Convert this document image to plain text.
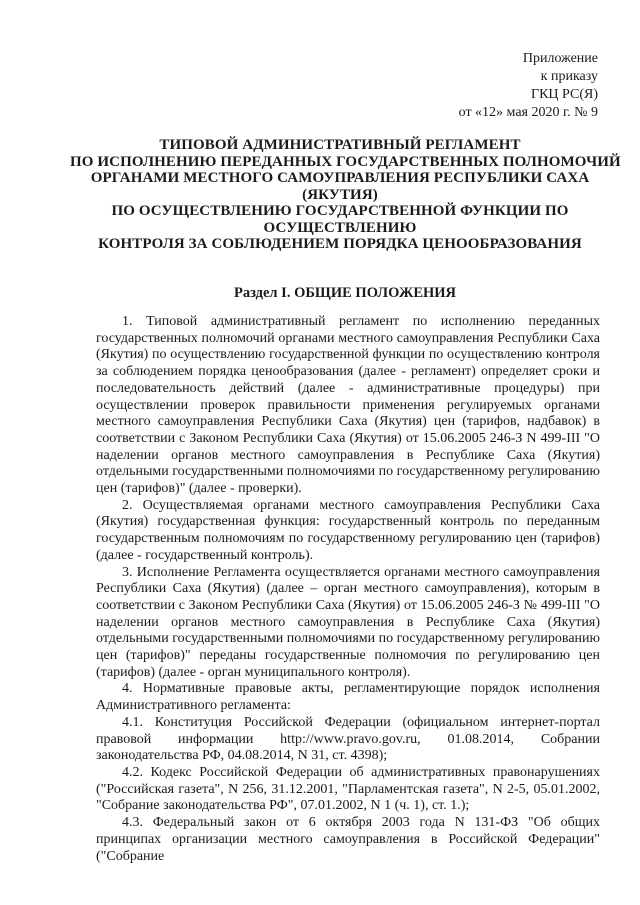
Приложение
к приказу
ГКЦ РС(Я)
от «12» мая 2020 г. № 9
ТИПОВОЙ АДМИНИСТРАТИВНЫЙ РЕГЛАМЕНТ
ПО ИСПОЛНЕНИЮ ПЕРЕДАННЫХ ГОСУДАРСТВЕННЫХ ПОЛНОМОЧИЙ
ОРГАНАМИ МЕСТНОГО САМОУПРАВЛЕНИЯ РЕСПУБЛИКИ САХА
(ЯКУТИЯ)
ПО ОСУЩЕСТВЛЕНИЮ ГОСУДАРСТВЕННОЙ ФУНКЦИИ ПО
ОСУЩЕСТВЛЕНИЮ
КОНТРОЛЯ ЗА СОБЛЮДЕНИЕМ ПОРЯДКА ЦЕНООБРАЗОВАНИЯ
Раздел I. ОБЩИЕ ПОЛОЖЕНИЯ

1. Типовой административный регламент по исполнению переданных государственных полномочий органами местного самоуправления Республики Саха (Якутия) по осуществлению государственной функции по осуществлению контроля за соблюдением порядка ценообразования (далее - регламент) определяет сроки и последовательность действий (далее - административные процедуры) при осуществлении проверок правильности применения регулируемых органами местного самоуправления Республики Саха (Якутия) цен (тарифов, надбавок) в соответствии с Законом Республики Саха (Якутия) от 15.06.2005 246-З N 499-III "О наделении органов местного самоуправления в Республике Саха (Якутия) отдельными государственными полномочиями по государственному регулированию цен (тарифов)" (далее - проверки).

2. Осуществляемая органами местного самоуправления Республики Саха (Якутия) государственная функция: государственный контроль по переданным государственным полномочиям по государственному регулированию цен (тарифов) (далее - государственный контроль).

3. Исполнение Регламента осуществляется органами местного самоуправления Республики Саха (Якутия) (далее – орган местного самоуправления), которым в соответствии с Законом Республики Саха (Якутия) от 15.06.2005 246-З № 499-III "О наделении органов местного самоуправления в Республике Саха (Якутия) отдельными государственными полномочиями по государственному регулированию цен (тарифов)" переданы государственные полномочия по регулированию цен (тарифов) (далее - орган муниципального контроля).

4. Нормативные правовые акты, регламентирующие порядок исполнения Административного регламента:

4.1. Конституция Российской Федерации (официальном интернет-портал правовой информации http://www.pravo.gov.ru, 01.08.2014, Собрании законодательства РФ, 04.08.2014, N 31, ст. 4398);

4.2. Кодекс Российской Федерации об административных правонарушениях ("Российская газета", N 256, 31.12.2001, "Парламентская газета", N 2-5, 05.01.2002, "Собрание законодательства РФ", 07.01.2002, N 1 (ч. 1), ст. 1.);

4.3. Федеральный закон от 6 октября 2003 года N 131-ФЗ "Об общих принципах организации местного самоуправления в Российской Федерации" ("Собрание
